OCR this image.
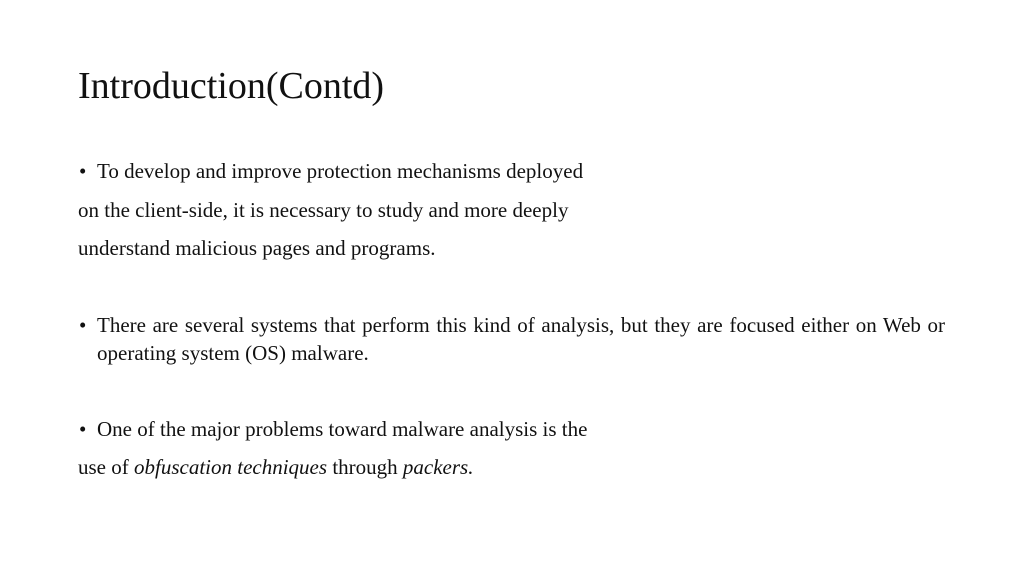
Introduction(Contd)
• To develop and improve protection mechanisms deployed
on the client-side, it is necessary to study and more deeply
understand malicious pages and programs.
• There are several systems that perform this kind of analysis, but they are focused either on Web or operating system (OS) malware.
• One of the major problems toward malware analysis is the
use of obfuscation techniques through packers.
